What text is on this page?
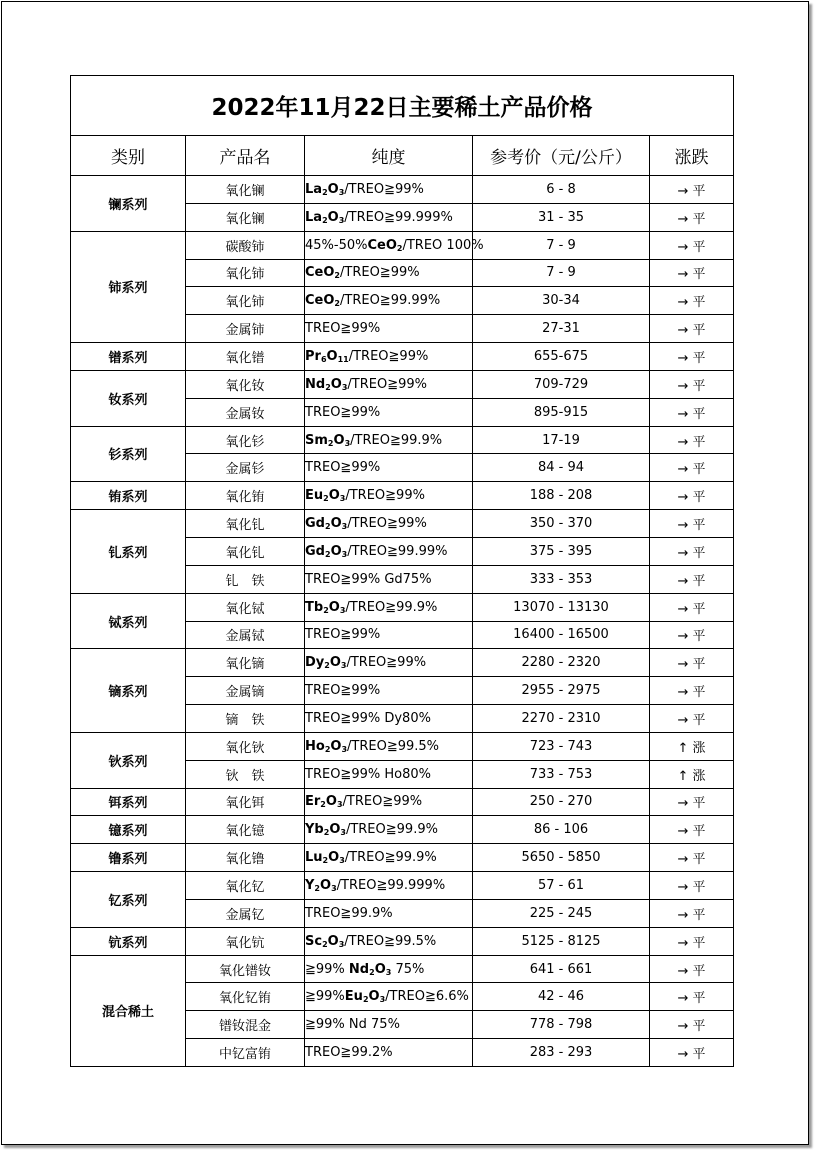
2022年11月22日主要稀土产品价格				
类别	产品名	纯度	参考价（元/公斤）	涨跌
镧系列	氧化镧	$La_2O_3/TREO≧99\%$	6 - 8	→ 平
	氧化镧	$La_2O_3/TREO≧99.999\%$	31 - 35	→ 平
铈系列	碳酸铈	45%-50%CeO$_2$/TREO 100%	7 - 9	→ 平
	氧化铈	CeO$_2$/TREO≧99%	7 - 9	→ 平
	氧化铈	CeO$_2$/TREO≧99.99%	30-34	→ 平
	金属铈	TREO≧99%	27-31	→ 平
镨系列	氧化镨	$Pr_6O_{11}/TREO≧99\%$	655-675	→ 平
钕系列	氧化钕	$Nd_2O_3/TREO≧99\%$	709-729	→ 平
	金属钕	TREO≧99%	895-915	→ 平
钐系列	氧化钐	$Sm_2O_3/TREO≧99.9\%$	17-19	→ 平
	金属钐	TREO≧99%	84 - 94	→ 平
铕系列	氧化铕	$Eu_2O_3/TREO≧99\%$	188 - 208	→ 平
钆系列	氧化钆	$Gd_2O_3/TREO≧99\%$	350 - 370	→ 平
	氧化钆	$Gd_2O_3/TREO≧99.99\%$	375 - 395	→ 平
	钆　铁	TREO≧99% Gd75%	333 - 353	→ 平
铽系列	氧化铽	$Tb_2O_3/TREO≧99.9\%$	13070 - 13130	→ 平
	金属铽	TREO≧99%	16400 - 16500	→ 平
镝系列	氧化镝	$Dy_2O_3/TREO≧99\%$	2280 - 2320	→ 平
	金属镝	TREO≧99%	2955 - 2975	→ 平
	镝　铁	TREO≧99% Dy80%	2270 - 2310	→ 平
钬系列	氧化钬	$Ho_2O_3/TREO≧99.5\%$	723 - 743	↑ 涨
	钬　铁	TREO≧99% Ho80%	733 - 753	↑ 涨
铒系列	氧化铒	$Er_2O_3/TREO≧99\%$	250 - 270	→ 平
镱系列	氧化镱	$Yb_2O_3/TREO≧99.9\%$	86 - 106	→ 平
镥系列	氧化镥	$Lu_2O_3/TREO≧99.9\%$	5650 - 5850	→ 平
钇系列	氧化钇	$Y_2O_3/TREO≧99.999\%$	57 - 61	→ 平
	金属钇	TREO≧99.9%	225 - 245	→ 平
钪系列	氧化钪	$Sc_2O_3/TREO≧99.5\%$	5125 - 8125	→ 平
混合稀土	氧化镨钕	≧99% $Nd_2O_3$ 75%	641 - 661	→ 平
	氧化钇铕	$≧99\%Eu_2O_3/TREO≧6.6\%$	42 - 46	→ 平
	镨钕混金	≧99% Nd 75%	778 - 798	→ 平
	中钇富铕	TREO≧99.2%	283 - 293	→ 平
